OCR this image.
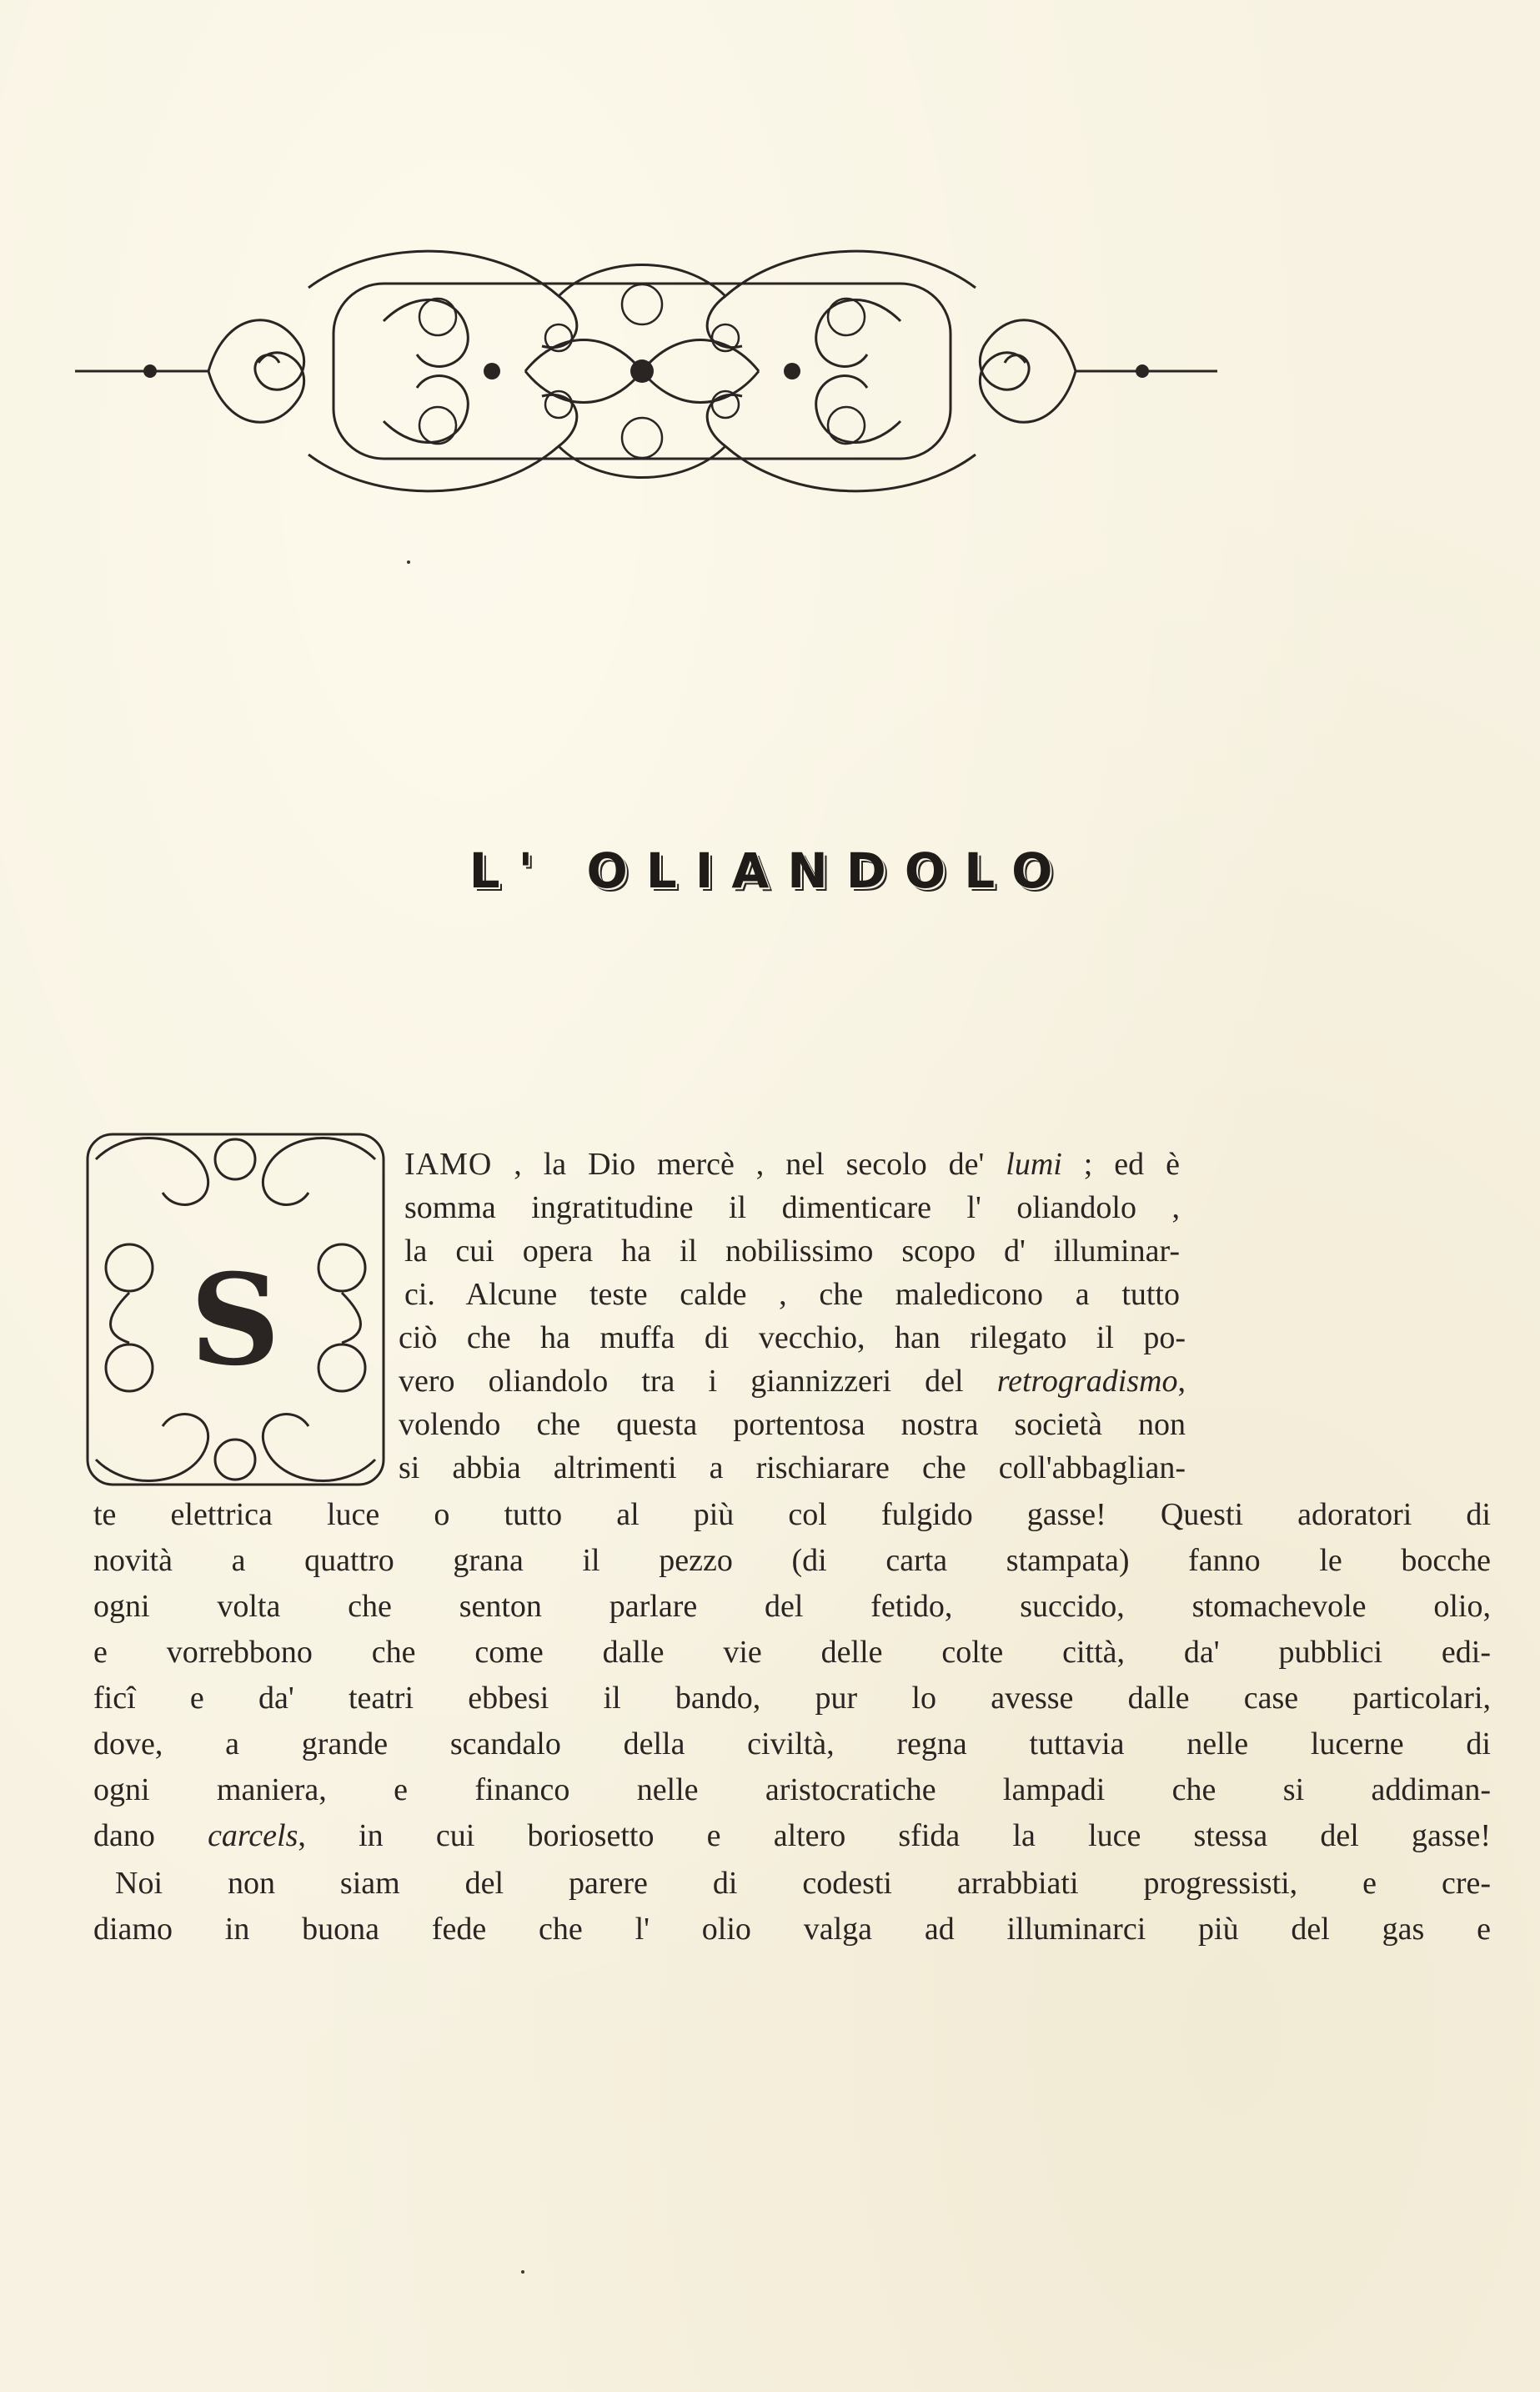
L' OLIANDOLO
S
IAMO , la Dio mercè , nel secolo de' lumi ; ed è
somma ingratitudine il dimenticare l' oliandolo ,
la cui opera ha il nobilissimo scopo d' illuminar-
ci. Alcune teste calde , che maledicono a tutto
ciò che ha muffa di vecchio, han rilegato il po-
vero oliandolo tra i giannizzeri del retrogradismo,
volendo che questa portentosa nostra società non
si abbia altrimenti a rischiarare che coll'abbaglian-
te elettrica luce o tutto al più col fulgido gasse! Questi adoratori di
novità a quattro grana il pezzo (di carta stampata) fanno le bocche
ogni volta che senton parlare del fetido, succido, stomachevole olio,
e vorrebbono che come dalle vie delle colte città, da' pubblici edi-
ficî e da' teatri ebbesi il bando, pur lo avesse dalle case particolari,
dove, a grande scandalo della civiltà, regna tuttavia nelle lucerne di
ogni maniera, e financo nelle aristocratiche lampadi che si addiman-
dano carcels, in cui boriosetto e altero sfida la luce stessa del gasse!
Noi non siam del parere di codesti arrabbiati progressisti, e cre-
diamo in buona fede che l' olio valga ad illuminarci più del gas e
